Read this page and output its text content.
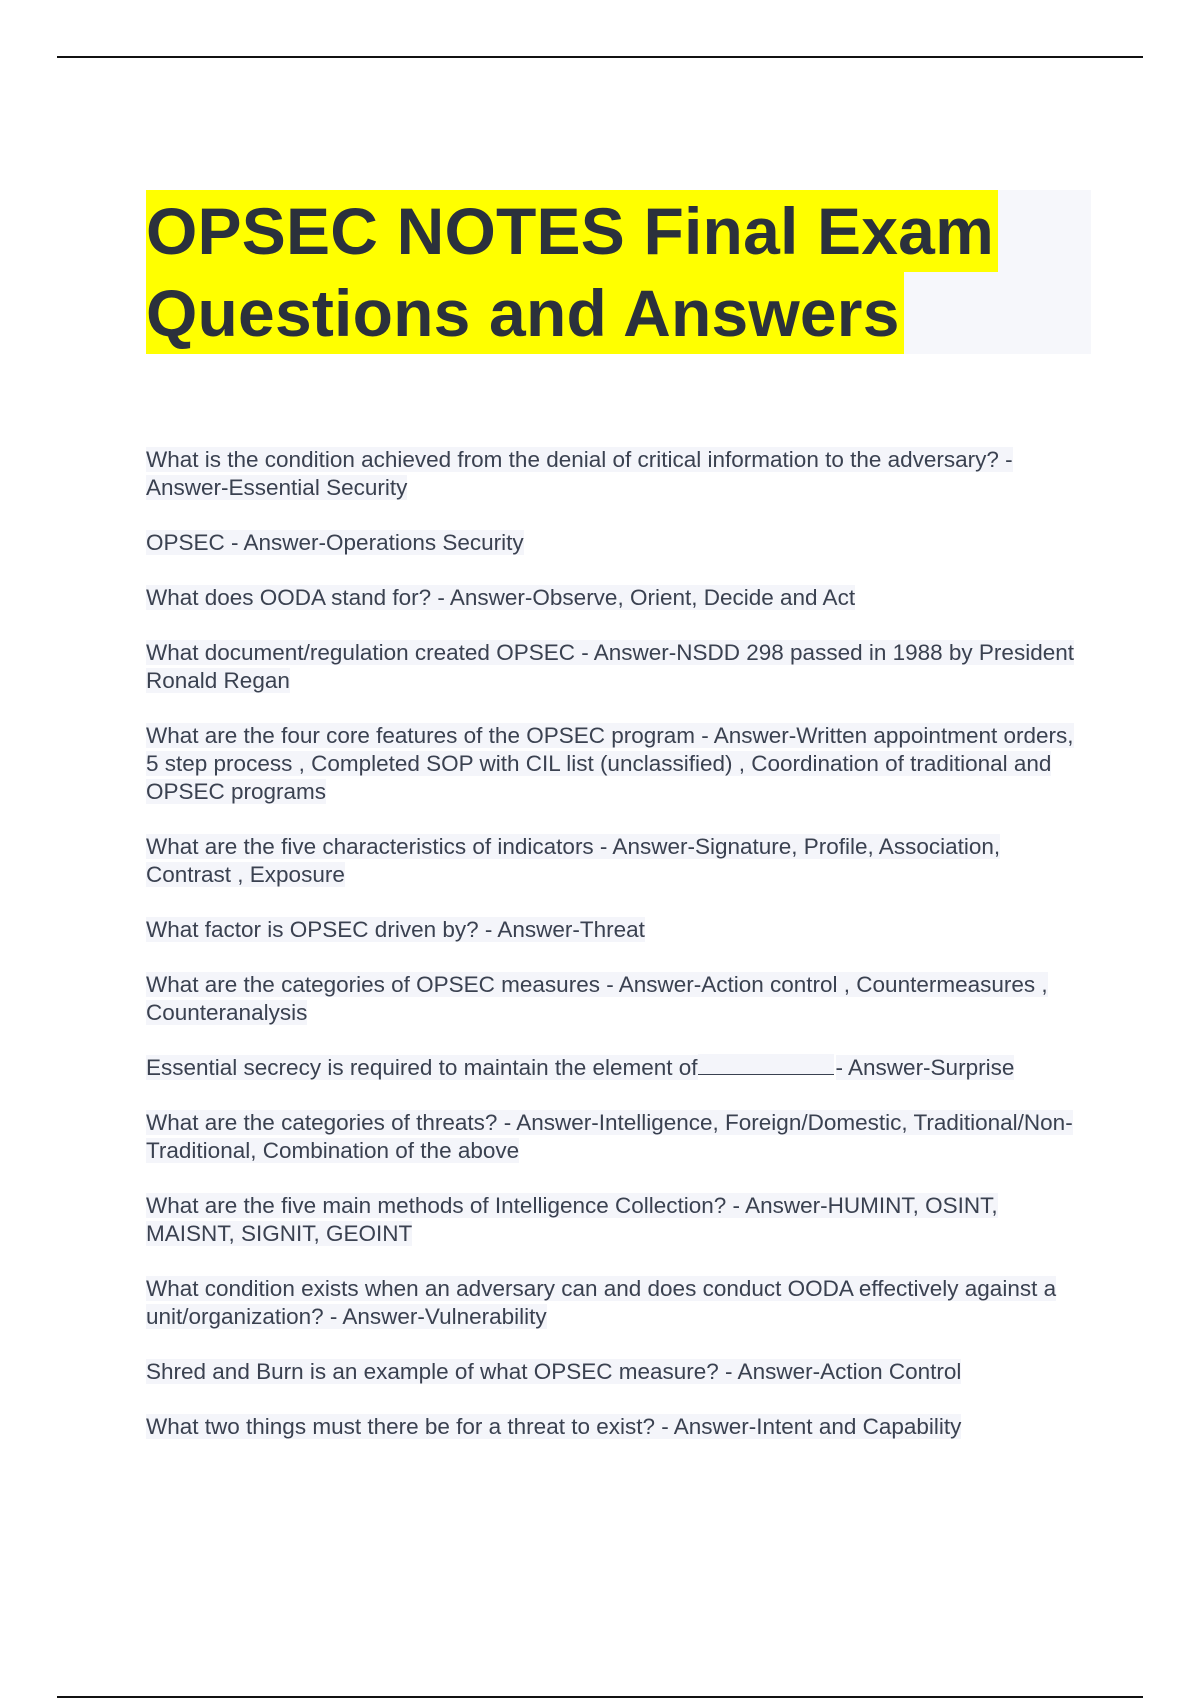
OPSEC NOTES Final Exam
Questions and Answers
What is the condition achieved from the denial of critical information to the adversary? - Answer-Essential Security
OPSEC - Answer-Operations Security
What does OODA stand for? - Answer-Observe, Orient, Decide and Act
What document/regulation created OPSEC - Answer-NSDD 298 passed in 1988 by President Ronald Regan
What are the four core features of the OPSEC program - Answer-Written appointment orders, 5 step process , Completed SOP with CIL list (unclassified) , Coordination of traditional and OPSEC programs
What are the five characteristics of indicators - Answer-Signature, Profile, Association, Contrast , Exposure
What factor is OPSEC driven by? - Answer-Threat
What are the categories of OPSEC measures - Answer-Action control , Countermeasures , Counteranalysis
Essential secrecy is required to maintain the element of	- Answer-Surprise
What are the categories of threats? - Answer-Intelligence, Foreign/Domestic, Traditional/Non-Traditional, Combination of the above
What are the five main methods of Intelligence Collection? - Answer-HUMINT, OSINT, MAISNT, SIGNIT, GEOINT
What condition exists when an adversary can and does conduct OODA effectively against a unit/organization? - Answer-Vulnerability
Shred and Burn is an example of what OPSEC measure? - Answer-Action Control
What two things must there be for a threat to exist? - Answer-Intent and Capability
